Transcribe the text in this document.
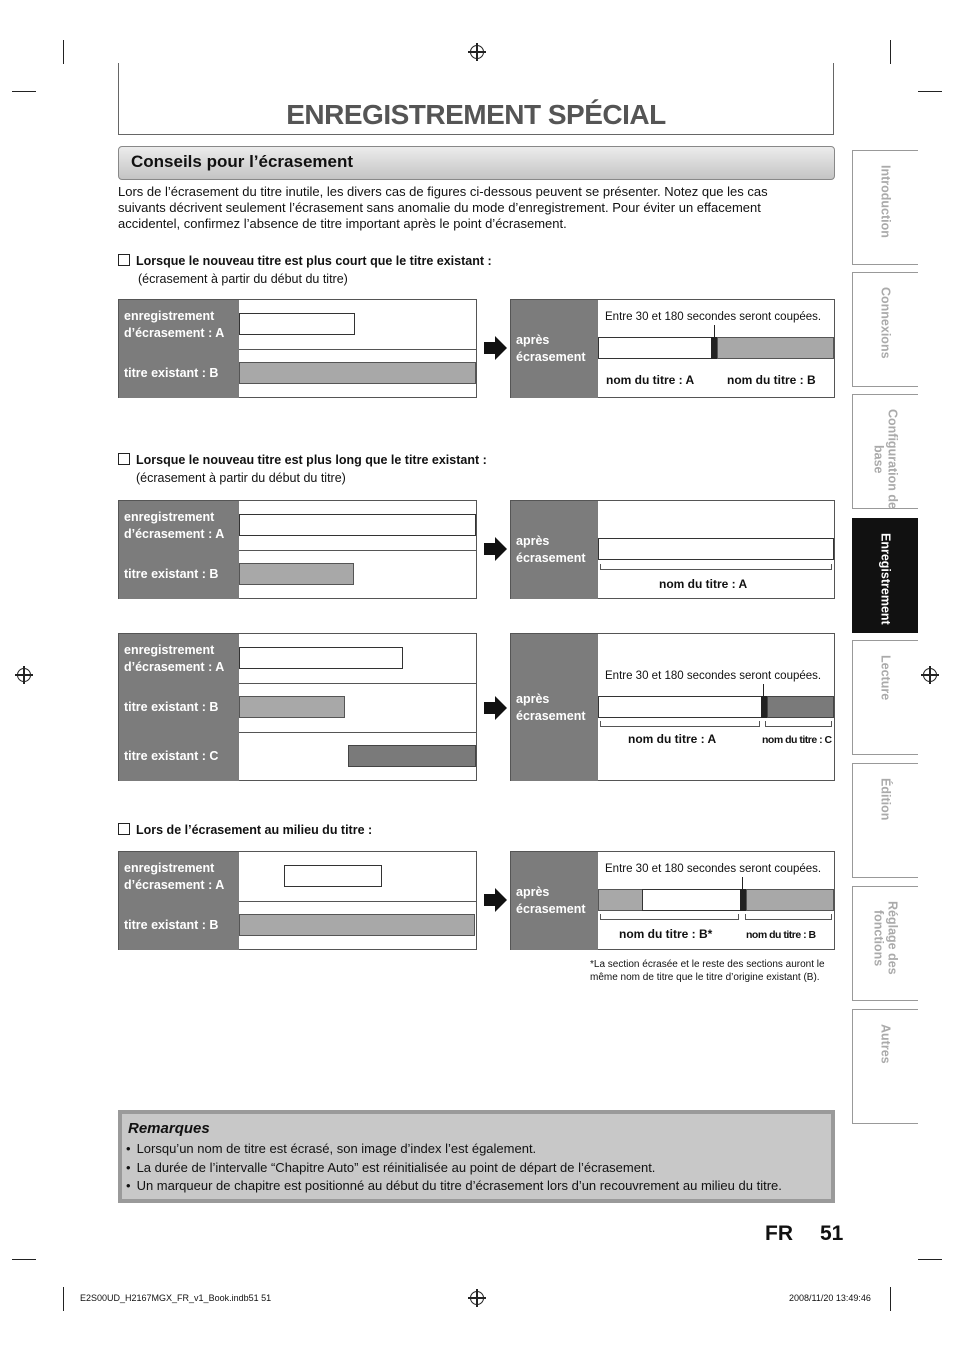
ENREGISTREMENT SPÉCIAL
Conseils pour l’écrasement
Lors de l’écrasement du titre inutile, les divers cas de figures ci-dessous peuvent se présenter. Notez que les cas suivants décrivent seulement l’écrasement sans anomalie du mode d’enregistrement. Pour éviter un effacement accidentel, confirmez l’absence de titre important après le point d’écrasement.
Lorsque le nouveau titre est plus court que le titre existant :
(écrasement à partir du début du titre)
enregistrement d’écrasement : A
titre existant : B
après écrasement
Entre 30 et 180 secondes seront coupées.
nom du titre : A	nom du titre : B
Lorsque le nouveau titre est plus long que le titre existant :
(écrasement à partir du début du titre)
enregistrement d’écrasement : A
titre existant : B
après écrasement
nom du titre : A
enregistrement d’écrasement : A
titre existant : B
titre existant : C
après écrasement
Entre 30 et 180 secondes seront coupées.
nom du titre : A	nom du titre : C
Lors de l’écrasement au milieu du titre :
enregistrement d’écrasement : A
titre existant : B
après écrasement
Entre 30 et 180 secondes seront coupées.
nom du titre : B*	nom du titre : B
*La section écrasée et le reste des sections auront le même nom de titre que le titre d’origine existant (B).
Introduction
Connexions
Configuration de
base
Enregistrement
Lecture
Édition
Réglage des
fonctions
Autres
Remarques
• Lorsqu’un nom de titre est écrasé, son image d’index l’est également.
• La durée de l’intervalle “Chapitre Auto” est réinitialisée au point de départ de l’écrasement.
• Un marqueur de chapitre est positionné au début du titre d’écrasement lors d’un recouvrement au milieu du titre.
FR 51
E2S00UD_H2167MGX_FR_v1_Book.indb51 51	2008/11/20 13:49:46
